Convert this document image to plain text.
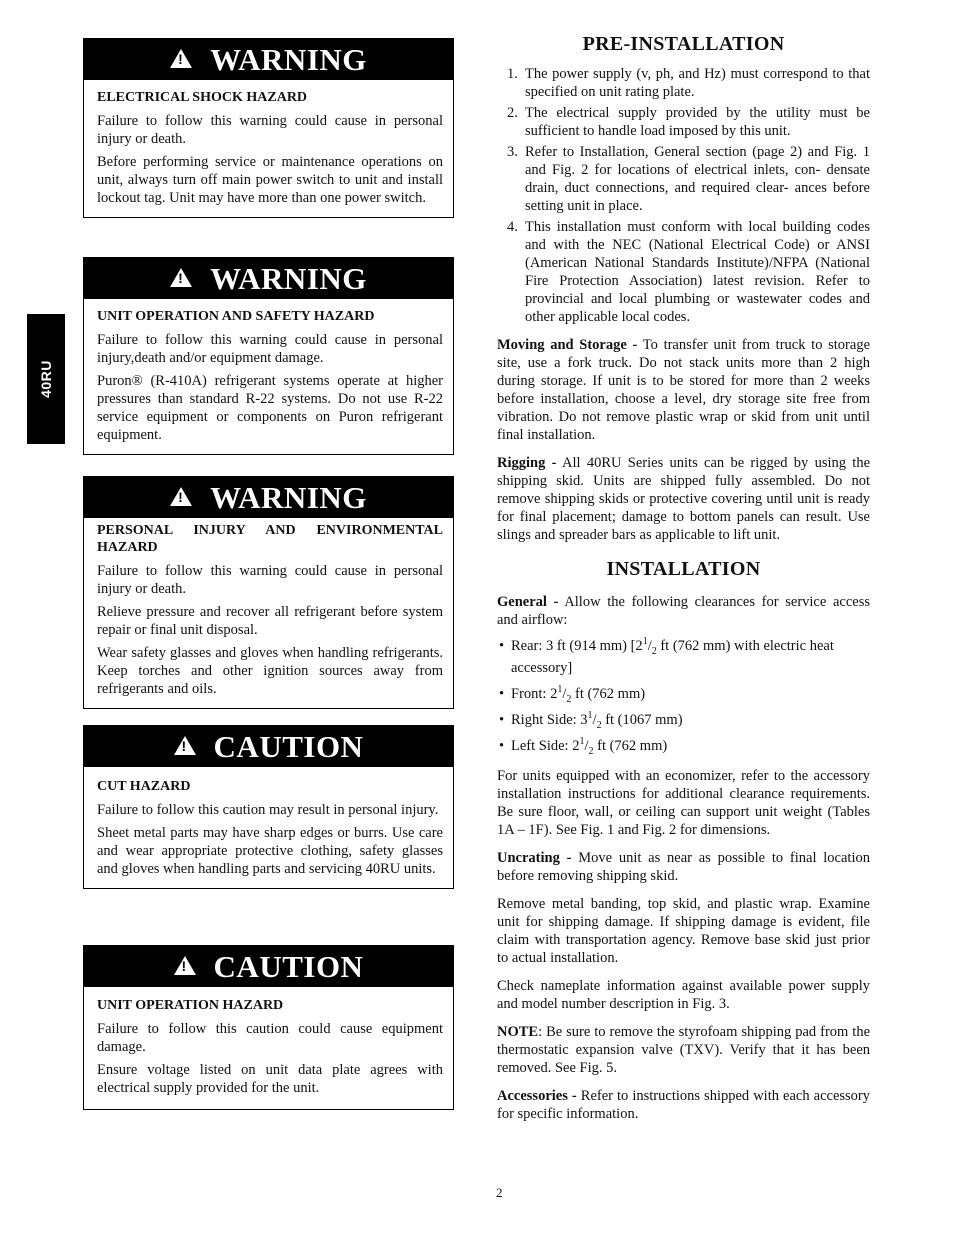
40RU
!
WARNING

ELECTRICAL SHOCK HAZARD

Failure to follow this warning could cause in personal injury or death.

Before performing service or maintenance operations on unit, always turn off main power switch to unit and install lockout tag. Unit may have more than one power switch.

!
WARNING

UNIT OPERATION AND SAFETY HAZARD

Failure to follow this warning could cause in personal injury,death and/or equipment damage.

Puron® (R-410A) refrigerant systems operate at higher pressures than standard R-22 systems. Do not use R-22 service equipment or components on Puron refrigerant equipment.

!
WARNING

PERSONAL INJURY AND ENVIRONMENTAL HAZARD

Failure to follow this warning could cause in personal injury or death.

Relieve pressure and recover all refrigerant before system repair or final unit disposal.

Wear safety glasses and gloves when handling refrigerants. Keep torches and other ignition sources away from refrigerants and oils.

!
CAUTION

CUT HAZARD

Failure to follow this caution may result in personal injury.

Sheet metal parts may have sharp edges or burrs. Use care and wear appropriate protective clothing, safety glasses and gloves when handling parts and servicing 40RU units.

!
CAUTION

UNIT OPERATION HAZARD

Failure to follow this caution could cause equipment damage.

Ensure voltage listed on unit data plate agrees with electrical supply provided for the unit.

PRE-INSTALLATION
1. The power supply (v, ph, and Hz) must correspond to that specified on unit rating plate.
2. The electrical supply provided by the utility must be sufficient to handle load imposed by this unit.
3. Refer to Installation, General section (page 2) and Fig. 1 and Fig. 2 for locations of electrical inlets, con- densate drain, duct connections, and required clear- ances before setting unit in place.
4. This installation must conform with local building codes and with the NEC (National Electrical Code) or ANSI (American National Standards Institute)/NFPA (National Fire Protection Association) latest revision. Refer to provincial and local plumbing or wastewater codes and other applicable local codes.

Moving and Storage - To transfer unit from truck to storage site, use a fork truck. Do not stack units more than 2 high during storage. If unit is to be stored for more than 2 weeks before installation, choose a level, dry storage site free from vibration. Do not remove plastic wrap or skid from unit until final installation.

Rigging - All 40RU Series units can be rigged by using the shipping skid. Units are shipped fully assembled. Do not remove shipping skids or protective covering until unit is ready for final placement; damage to bottom panels can result. Use slings and spreader bars as applicable to lift unit.

INSTALLATION

General - Allow the following clearances for service access and airflow:

• Rear: 3 ft (914 mm) [$2^1/_2$ ft (762 mm) with electric heat accessory]
• Front: $2^1/_2$ ft (762 mm)
• Right Side: $3^1/_2$ ft (1067 mm)
• Left Side: $2^1/_2$ ft (762 mm)

For units equipped with an economizer, refer to the accessory installation instructions for additional clearance requirements. Be sure floor, wall, or ceiling can support unit weight (Tables 1A – 1F). See Fig. 1 and Fig. 2 for dimensions.

Uncrating - Move unit as near as possible to final location before removing shipping skid.

Remove metal banding, top skid, and plastic wrap. Examine unit for shipping damage. If shipping damage is evident, file claim with transportation agency. Remove base skid just prior to actual installation.

Check nameplate information against available power supply and model number description in Fig. 3.

NOTE: Be sure to remove the styrofoam shipping pad from the thermostatic expansion valve (TXV). Verify that it has been removed. See Fig. 5.

Accessories - Refer to instructions shipped with each accessory for specific information.

2
